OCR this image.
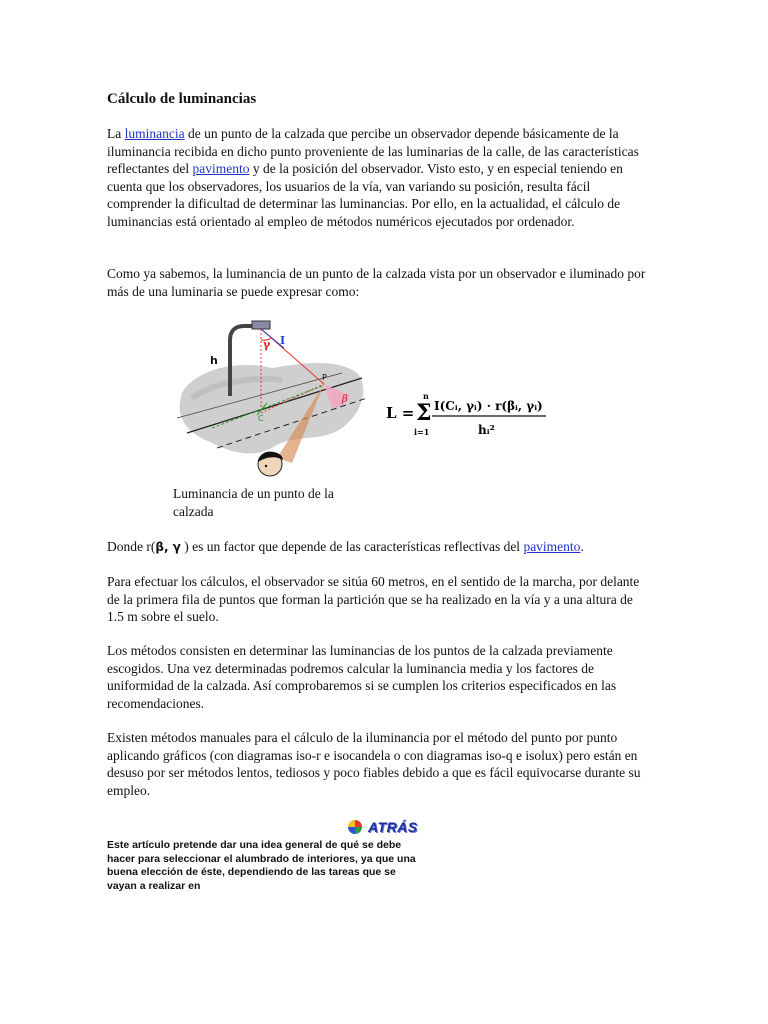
Cálculo de luminancias

La luminancia de un punto de la calzada que percibe un observador depende básicamente de la iluminancia recibida en dicho punto proveniente de las luminarias de la calle, de las características reflectantes del pavimento y de la posición del observador. Visto esto, y en especial teniendo en cuenta que los observadores, los usuarios de la vía, van variando su posición, resulta fácil comprender la dificultad de determinar las luminancias. Por ello, en la actualidad, el cálculo de luminancias está orientado al empleo de métodos numéricos ejecutados por ordenador.

Como ya sabemos, la luminancia de un punto de la calzada vista por un observador e iluminado por más de una luminaria se puede expresar como:

h
γ I
C
P
β
L =
n
Σ
i=1
I(Cᵢ, γᵢ) · r(βᵢ, γᵢ)
hᵢ²

Luminancia de un punto de la calzada

Donde r(β, γ ) es un factor que depende de las características reflectivas del pavimento.

Para efectuar los cálculos, el observador se sitúa 60 metros, en el sentido de la marcha, por delante de la primera fila de puntos que forman la partición que se ha realizado en la vía y a una altura de 1.5 m sobre el suelo.

Los métodos consisten en determinar las luminancias de los puntos de la calzada previamente escogidos. Una vez determinadas podremos calcular la luminancia media y los factores de uniformidad de la calzada. Así comprobaremos si se cumplen los criterios especificados en las recomendaciones.

Existen métodos manuales para el cálculo de la iluminancia por el método del punto por punto aplicando gráficos (con diagramas iso-r e isocandela o con diagramas iso-q e isolux) pero están en desuso por ser métodos lentos, tediosos y poco fiables debido a que es fácil equivocarse durante su empleo.

ATRÁS

Este artículo pretende dar una idea general de qué se debe hacer para seleccionar el alumbrado de interiores, ya que una buena elección de éste, dependiendo de las tareas que se vayan a realizar en
